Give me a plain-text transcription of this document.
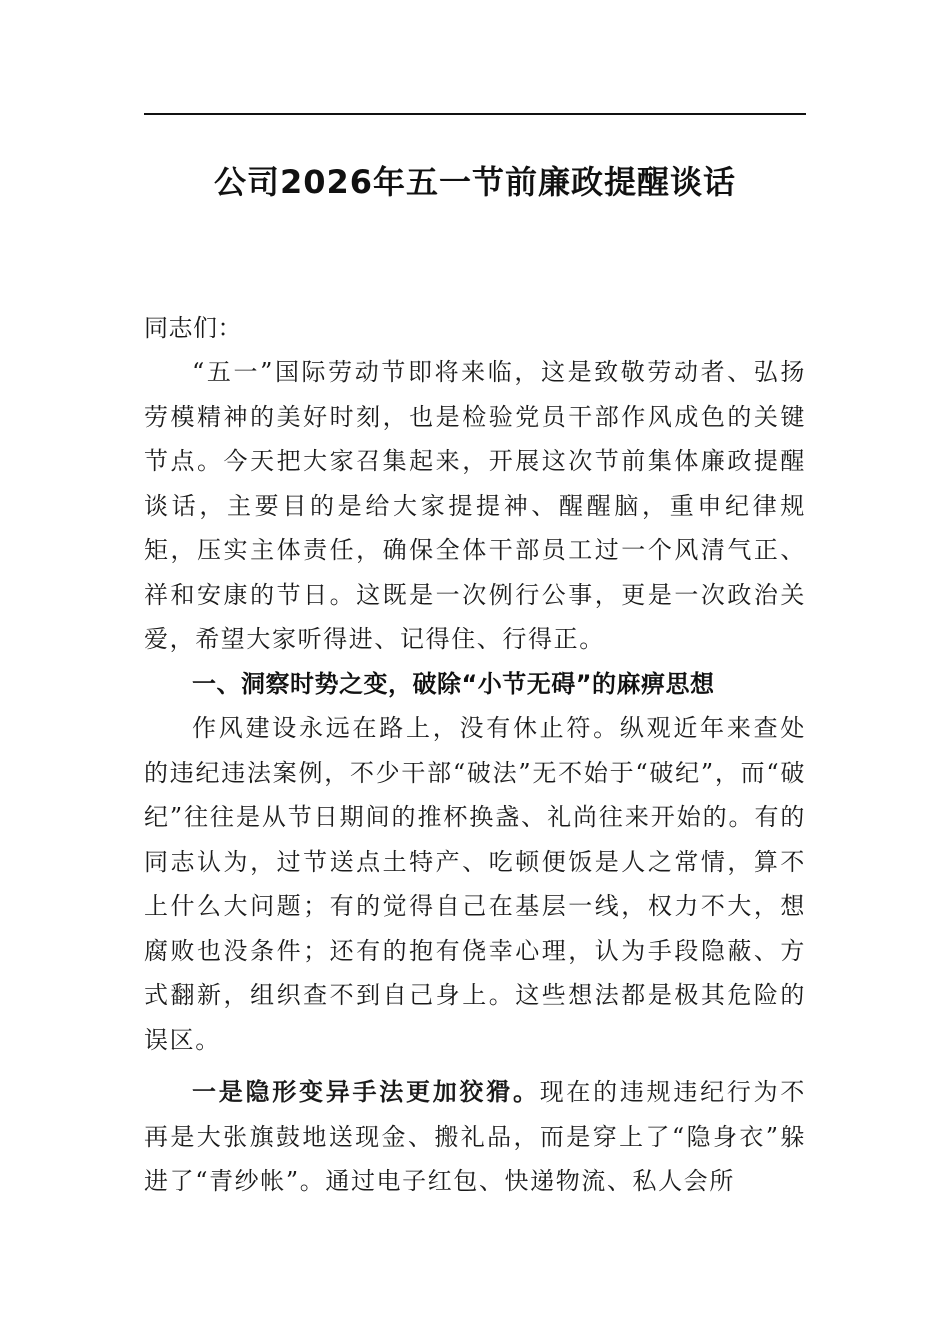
公司2026年五一节前廉政提醒谈话

同志们：

“五一”国际劳动节即将来临，这是致敬劳动者、弘扬劳模精神的美好时刻，也是检验党员干部作风成色的关键节点。今天把大家召集起来，开展这次节前集体廉政提醒谈话，主要目的是给大家提提神、醒醒脑，重申纪律规矩，压实主体责任，确保全体干部员工过一个风清气正、祥和安康的节日。这既是一次例行公事，更是一次政治关爱，希望大家听得进、记得住、行得正。

一、洞察时势之变，破除“小节无碍”的麻痹思想

作风建设永远在路上，没有休止符。纵观近年来查处的违纪违法案例，不少干部“破法”无不始于“破纪”，而“破纪”往往是从节日期间的推杯换盏、礼尚往来开始的。有的同志认为，过节送点土特产、吃顿便饭是人之常情，算不上什么大问题；有的觉得自己在基层一线，权力不大，想腐败也没条件；还有的抱有侥幸心理，认为手段隐蔽、方式翻新，组织查不到自己身上。这些想法都是极其危险的误区。

一是隐形变异手法更加狡猾。现在的违规违纪行为不再是大张旗鼓地送现金、搬礼品，而是穿上了“隐身衣”躲进了“青纱帐”。通过电子红包、快递物流、私人会所
